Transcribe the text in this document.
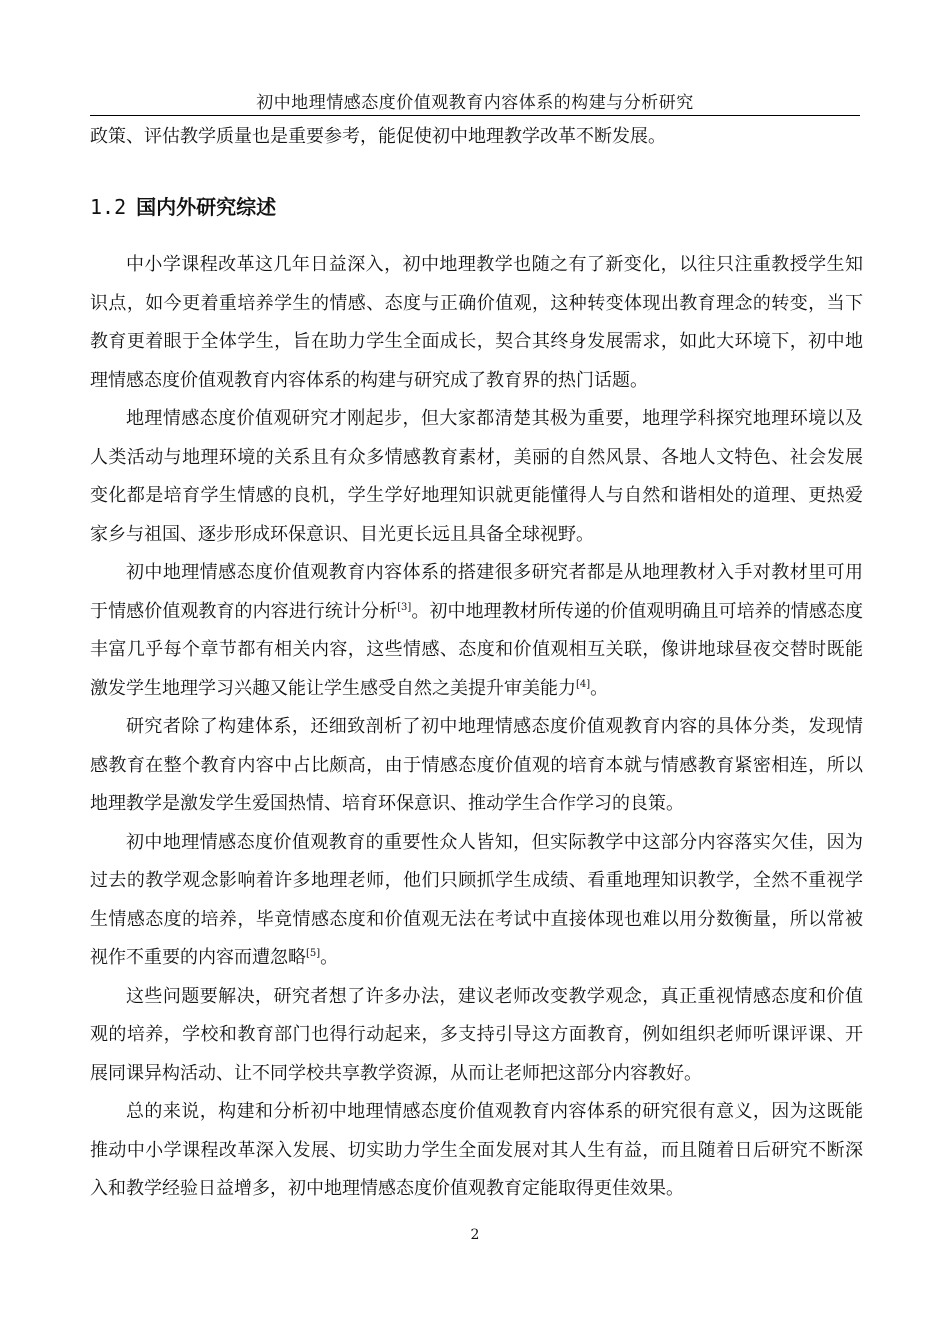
初中地理情感态度价值观教育内容体系的构建与分析研究
政策、评估教学质量也是重要参考，能促使初中地理教学改革不断发展。
1.2 国内外研究综述

中小学课程改革这几年日益深入，初中地理教学也随之有了新变化，以往只注重教授学生知识点，如今更着重培养学生的情感、态度与正确价值观，这种转变体现出教育理念的转变，当下教育更着眼于全体学生，旨在助力学生全面成长，契合其终身发展需求，如此大环境下，初中地理情感态度价值观教育内容体系的构建与研究成了教育界的热门话题。

地理情感态度价值观研究才刚起步，但大家都清楚其极为重要，地理学科探究地理环境以及人类活动与地理环境的关系且有众多情感教育素材，美丽的自然风景、各地人文特色、社会发展变化都是培育学生情感的良机，学生学好地理知识就更能懂得人与自然和谐相处的道理、更热爱家乡与祖国、逐步形成环保意识、目光更长远且具备全球视野。

初中地理情感态度价值观教育内容体系的搭建很多研究者都是从地理教材入手对教材里可用于情感价值观教育的内容进行统计分析[3]。初中地理教材所传递的价值观明确且可培养的情感态度丰富几乎每个章节都有相关内容，这些情感、态度和价值观相互关联，像讲地球昼夜交替时既能激发学生地理学习兴趣又能让学生感受自然之美提升审美能力[4]。

研究者除了构建体系，还细致剖析了初中地理情感态度价值观教育内容的具体分类，发现情感教育在整个教育内容中占比颇高，由于情感态度价值观的培育本就与情感教育紧密相连，所以地理教学是激发学生爱国热情、培育环保意识、推动学生合作学习的良策。

初中地理情感态度价值观教育的重要性众人皆知，但实际教学中这部分内容落实欠佳，因为过去的教学观念影响着许多地理老师，他们只顾抓学生成绩、看重地理知识教学，全然不重视学生情感态度的培养，毕竟情感态度和价值观无法在考试中直接体现也难以用分数衡量，所以常被视作不重要的内容而遭忽略[5]。

这些问题要解决，研究者想了许多办法，建议老师改变教学观念，真正重视情感态度和价值观的培养，学校和教育部门也得行动起来，多支持引导这方面教育，例如组织老师听课评课、开展同课异构活动、让不同学校共享教学资源，从而让老师把这部分内容教好。

总的来说，构建和分析初中地理情感态度价值观教育内容体系的研究很有意义，因为这既能推动中小学课程改革深入发展、切实助力学生全面发展对其人生有益，而且随着日后研究不断深入和教学经验日益增多，初中地理情感态度价值观教育定能取得更佳效果。

2
